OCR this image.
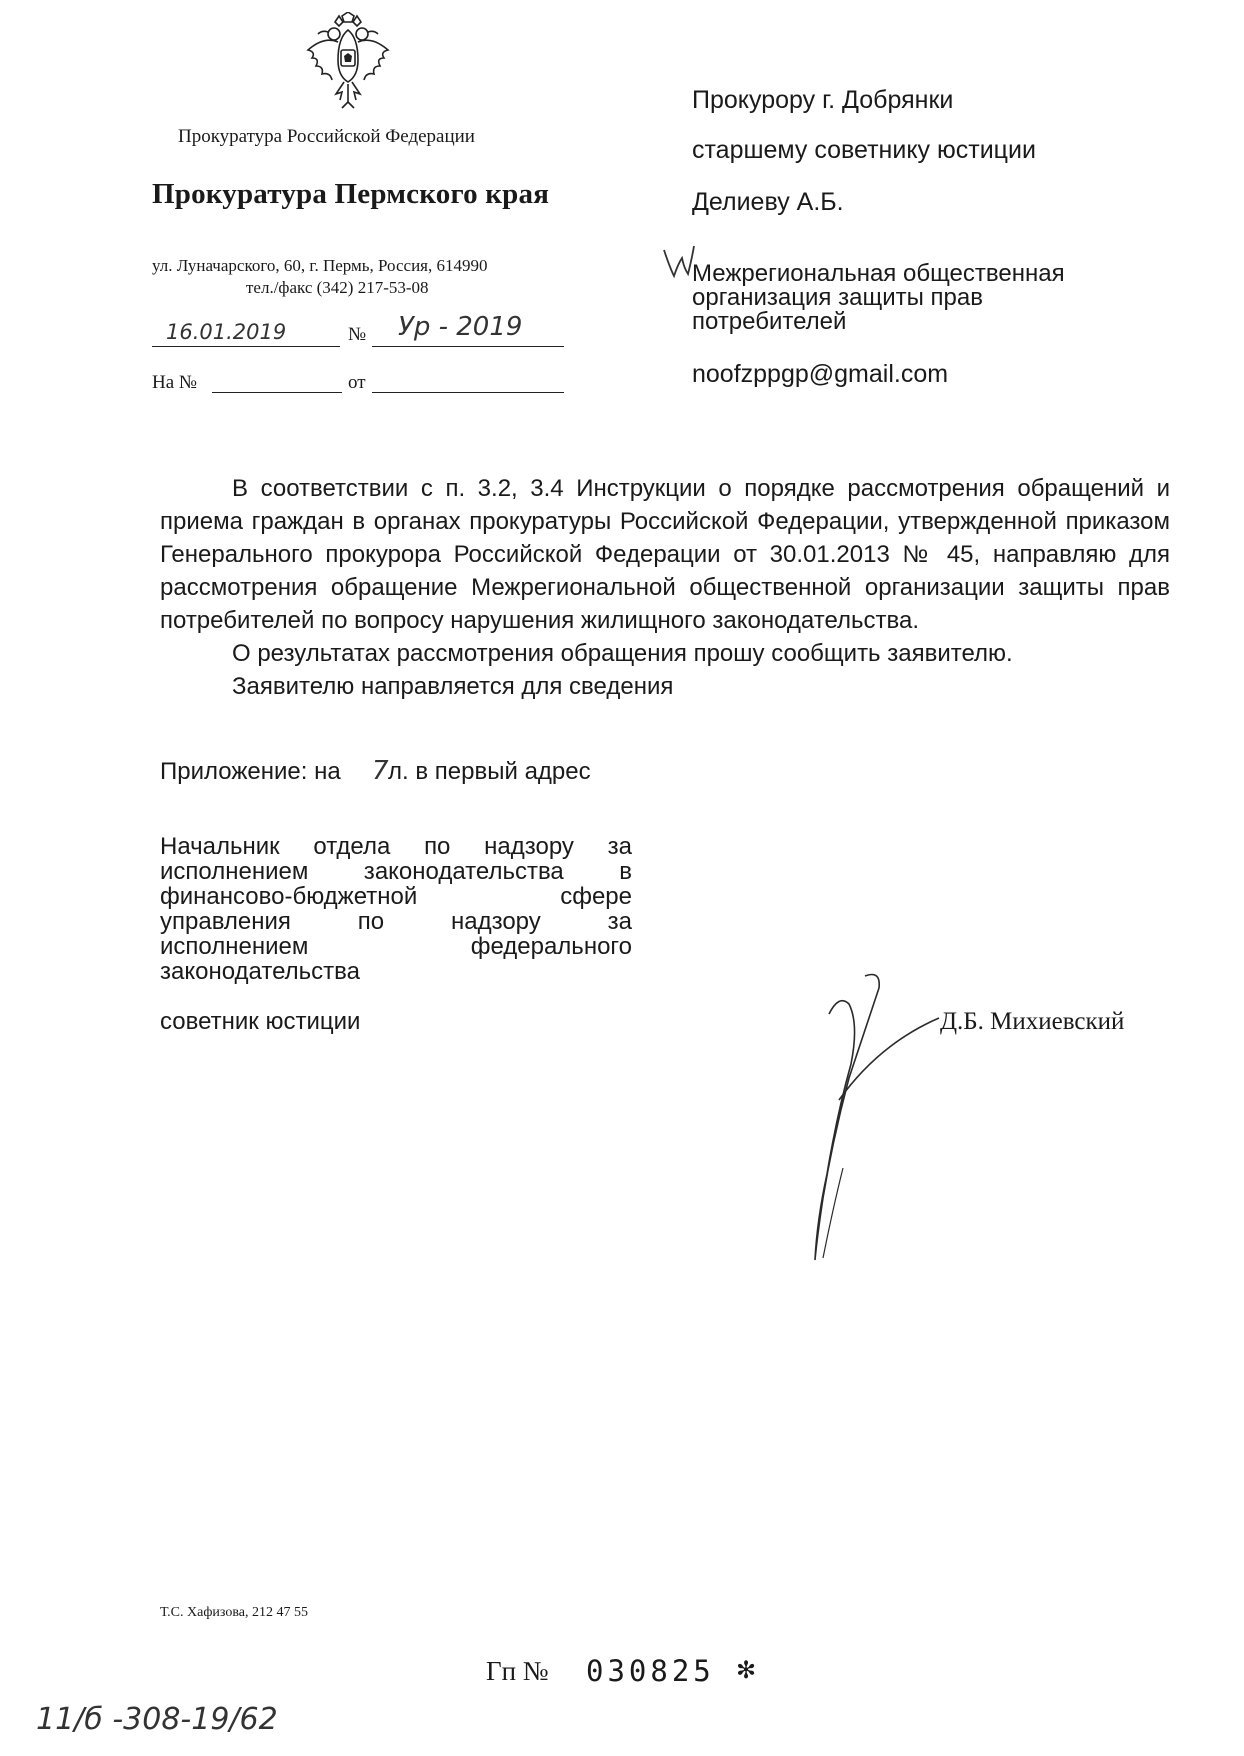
Прокуратура Российской Федерации
Прокуратура Пермского края
ул. Луначарского, 60, г. Пермь, Россия, 614990
тел./факс (342) 217-53-08
16.01.2019	№ Ур - 2019
На №	от
Прокурору г. Добрянки
старшему советнику юстиции
Делиеву А.Б.
Межрегиональная общественная
организация защиты прав
потребителей
noofzppgp@gmail.com

В соответствии с п. 3.2, 3.4 Инструкции о порядке рассмотрения обращений и приема граждан в органах прокуратуры Российской Федерации, утвержденной приказом Генерального прокурора Российской Федерации от 30.01.2013 № 45, направляю для рассмотрения обращение Межрегиональной общественной организации защиты прав потребителей по вопросу нарушения жилищного законодательства.

О результатах рассмотрения обращения прошу сообщить заявителю.

Заявителю направляется для сведения

Приложение: на л. в первый адрес
7
Начальник отдела по надзору за
исполнением законодательства в
финансово-бюджетной сфере
управления по надзору за
исполнением федерального
законодательства
советник юстиции	Д.Б. Михиевский
Т.С. Хафизова, 212 47 55
Гп № 030825 ✻
11/б -308-19/62
